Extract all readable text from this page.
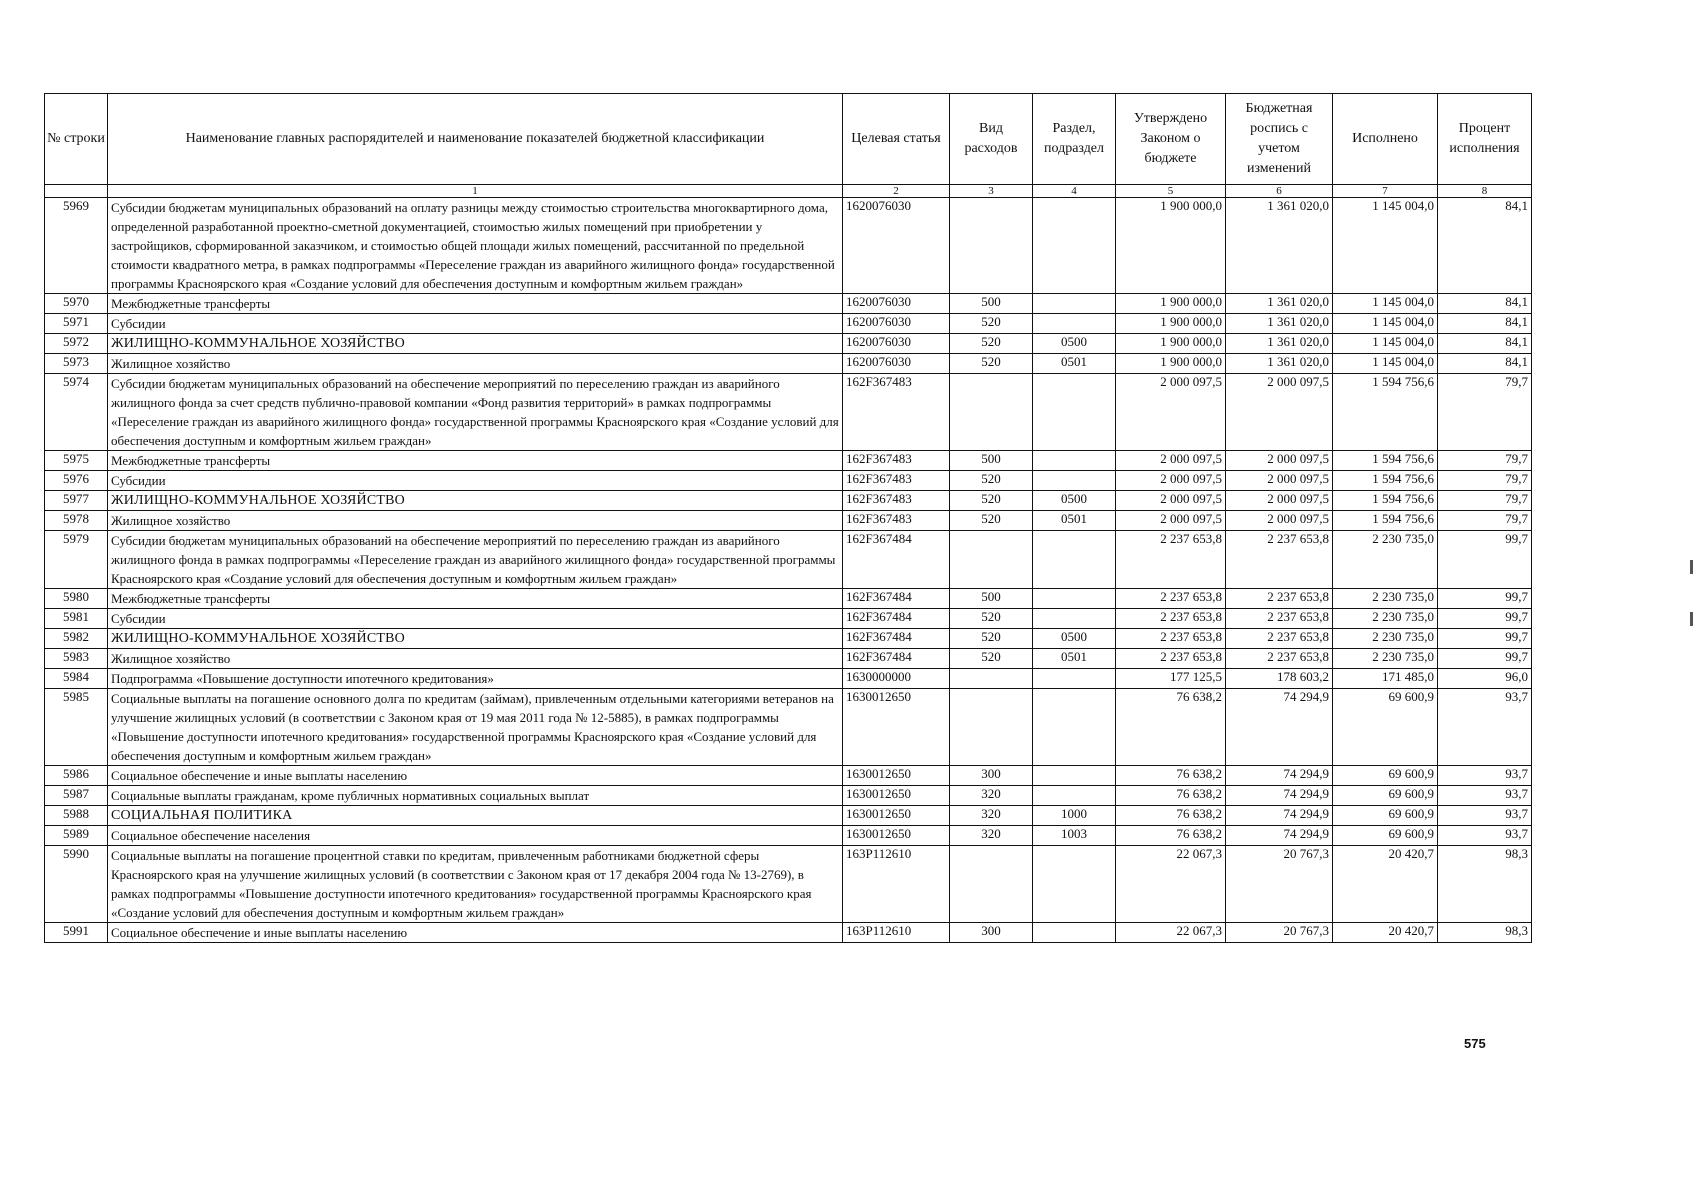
№ строки	Наименование главных распорядителей и наименование показателей бюджетной классификации	Целевая статья	Вид расходов	Раздел, подраздел	Утверждено Законом о бюджете	Бюджетная роспись с учетом изменений	Исполнено	Процент исполнения
	1	2	3	4	5	6	7	8
5969	Субсидии бюджетам муниципальных образований на оплату разницы между стоимостью строительства многоквартирного дома, определенной разработанной проектно-сметной документацией, стоимостью жилых помещений при приобретении у застройщиков, сформированной заказчиком, и стоимостью общей площади жилых помещений, рассчитанной по предельной стоимости квадратного метра, в рамках подпрограммы «Переселение граждан из аварийного жилищного фонда» государственной программы Красноярского края «Создание условий для обеспечения доступным и комфортным жильем граждан»	1620076030			1 900 000,0	1 361 020,0	1 145 004,0	84,1
5970	Межбюджетные трансферты	1620076030	500		1 900 000,0	1 361 020,0	1 145 004,0	84,1
5971	Субсидии	1620076030	520		1 900 000,0	1 361 020,0	1 145 004,0	84,1
5972	ЖИЛИЩНО-КОММУНАЛЬНОЕ ХОЗЯЙСТВО	1620076030	520	0500	1 900 000,0	1 361 020,0	1 145 004,0	84,1
5973	Жилищное хозяйство	1620076030	520	0501	1 900 000,0	1 361 020,0	1 145 004,0	84,1
5974	Субсидии бюджетам муниципальных образований на обеспечение мероприятий по переселению граждан из аварийного жилищного фонда за счет средств публично-правовой компании «Фонд развития территорий» в рамках подпрограммы «Переселение граждан из аварийного жилищного фонда» государственной программы Красноярского края «Создание условий для обеспечения доступным и комфортным жильем граждан»	162F367483			2 000 097,5	2 000 097,5	1 594 756,6	79,7
5975	Межбюджетные трансферты	162F367483	500		2 000 097,5	2 000 097,5	1 594 756,6	79,7
5976	Субсидии	162F367483	520		2 000 097,5	2 000 097,5	1 594 756,6	79,7
5977	ЖИЛИЩНО-КОММУНАЛЬНОЕ ХОЗЯЙСТВО	162F367483	520	0500	2 000 097,5	2 000 097,5	1 594 756,6	79,7
5978	Жилищное хозяйство	162F367483	520	0501	2 000 097,5	2 000 097,5	1 594 756,6	79,7
5979	Субсидии бюджетам муниципальных образований на обеспечение мероприятий по переселению граждан из аварийного жилищного фонда в рамках подпрограммы «Переселение граждан из аварийного жилищного фонда» государственной программы Красноярского края «Создание условий для обеспечения доступным и комфортным жильем граждан»	162F367484			2 237 653,8	2 237 653,8	2 230 735,0	99,7
5980	Межбюджетные трансферты	162F367484	500		2 237 653,8	2 237 653,8	2 230 735,0	99,7
5981	Субсидии	162F367484	520		2 237 653,8	2 237 653,8	2 230 735,0	99,7
5982	ЖИЛИЩНО-КОММУНАЛЬНОЕ ХОЗЯЙСТВО	162F367484	520	0500	2 237 653,8	2 237 653,8	2 230 735,0	99,7
5983	Жилищное хозяйство	162F367484	520	0501	2 237 653,8	2 237 653,8	2 230 735,0	99,7
5984	Подпрограмма «Повышение доступности ипотечного кредитования»	1630000000			177 125,5	178 603,2	171 485,0	96,0
5985	Социальные выплаты на погашение основного долга по кредитам (займам), привлеченным отдельными категориями ветеранов на улучшение жилищных условий (в соответствии с Законом края от 19 мая 2011 года № 12-5885), в рамках подпрограммы «Повышение доступности ипотечного кредитования» государственной программы Красноярского края «Создание условий для обеспечения доступным и комфортным жильем граждан»	1630012650			76 638,2	74 294,9	69 600,9	93,7
5986	Социальное обеспечение и иные выплаты населению	1630012650	300		76 638,2	74 294,9	69 600,9	93,7
5987	Социальные выплаты гражданам, кроме публичных нормативных социальных выплат	1630012650	320		76 638,2	74 294,9	69 600,9	93,7
5988	СОЦИАЛЬНАЯ ПОЛИТИКА	1630012650	320	1000	76 638,2	74 294,9	69 600,9	93,7
5989	Социальное обеспечение населения	1630012650	320	1003	76 638,2	74 294,9	69 600,9	93,7
5990	Социальные выплаты на погашение процентной ставки по кредитам, привлеченным работниками бюджетной сферы Красноярского края на улучшение жилищных условий (в соответствии с Законом края от 17 декабря 2004 года № 13-2769), в рамках подпрограммы «Повышение доступности ипотечного кредитования» государственной программы Красноярского края «Создание условий для обеспечения доступным и комфортным жильем граждан»	163P112610			22 067,3	20 767,3	20 420,7	98,3
5991	Социальное обеспечение и иные выплаты населению	163P112610	300		22 067,3	20 767,3	20 420,7	98,3
575
